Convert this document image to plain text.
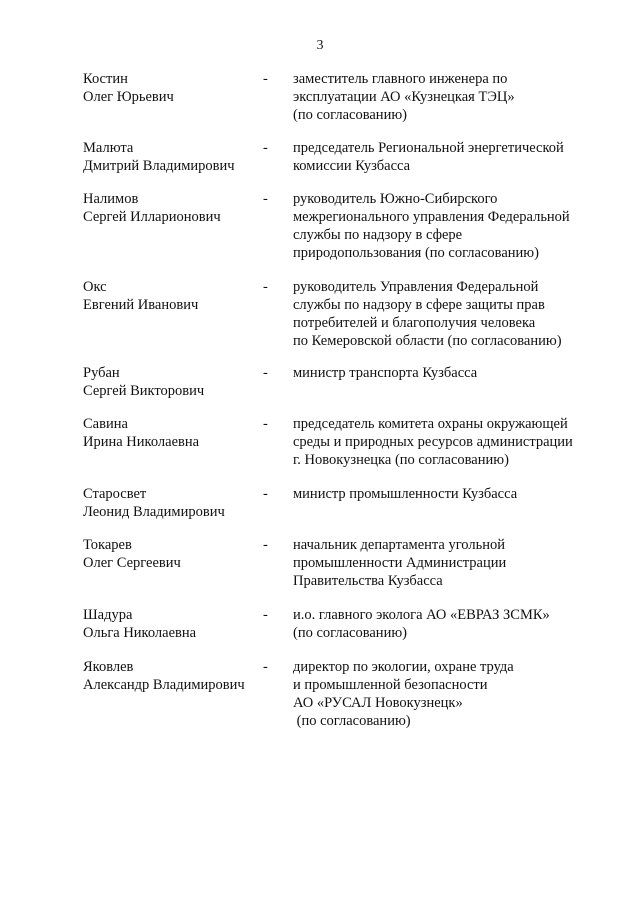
3
Костин
Олег Юрьевич
- заместитель главного инженера по
эксплуатации АО «Кузнецкая ТЭЦ»
(по согласованию)
Малюта
Дмитрий Владимирович
- председатель Региональной энергетической
комиссии Кузбасса
Налимов
Сергей Илларионович
- руководитель Южно-Сибирского
межрегионального управления Федеральной
службы по надзору в сфере
природопользования (по согласованию)
Окс
Евгений Иванович
- руководитель Управления Федеральной
службы по надзору в сфере защиты прав
потребителей и благополучия человека
по Кемеровской области (по согласованию)
Рубан
Сергей Викторович
- министр транспорта Кузбасса
Савина
Ирина Николаевна
- председатель комитета охраны окружающей
среды и природных ресурсов администрации
г. Новокузнецка (по согласованию)
Старосвет
Леонид Владимирович
- министр промышленности Кузбасса
Токарев
Олег Сергеевич
- начальник департамента угольной
промышленности Администрации
Правительства Кузбасса
Шадура
Ольга Николаевна
- и.о. главного эколога АО «ЕВРАЗ ЗСМК»
(по согласованию)
Яковлев
Александр Владимирович
- директор по экологии, охране труда
и промышленной безопасности
АО «РУСАЛ Новокузнецк»
(по согласованию)
